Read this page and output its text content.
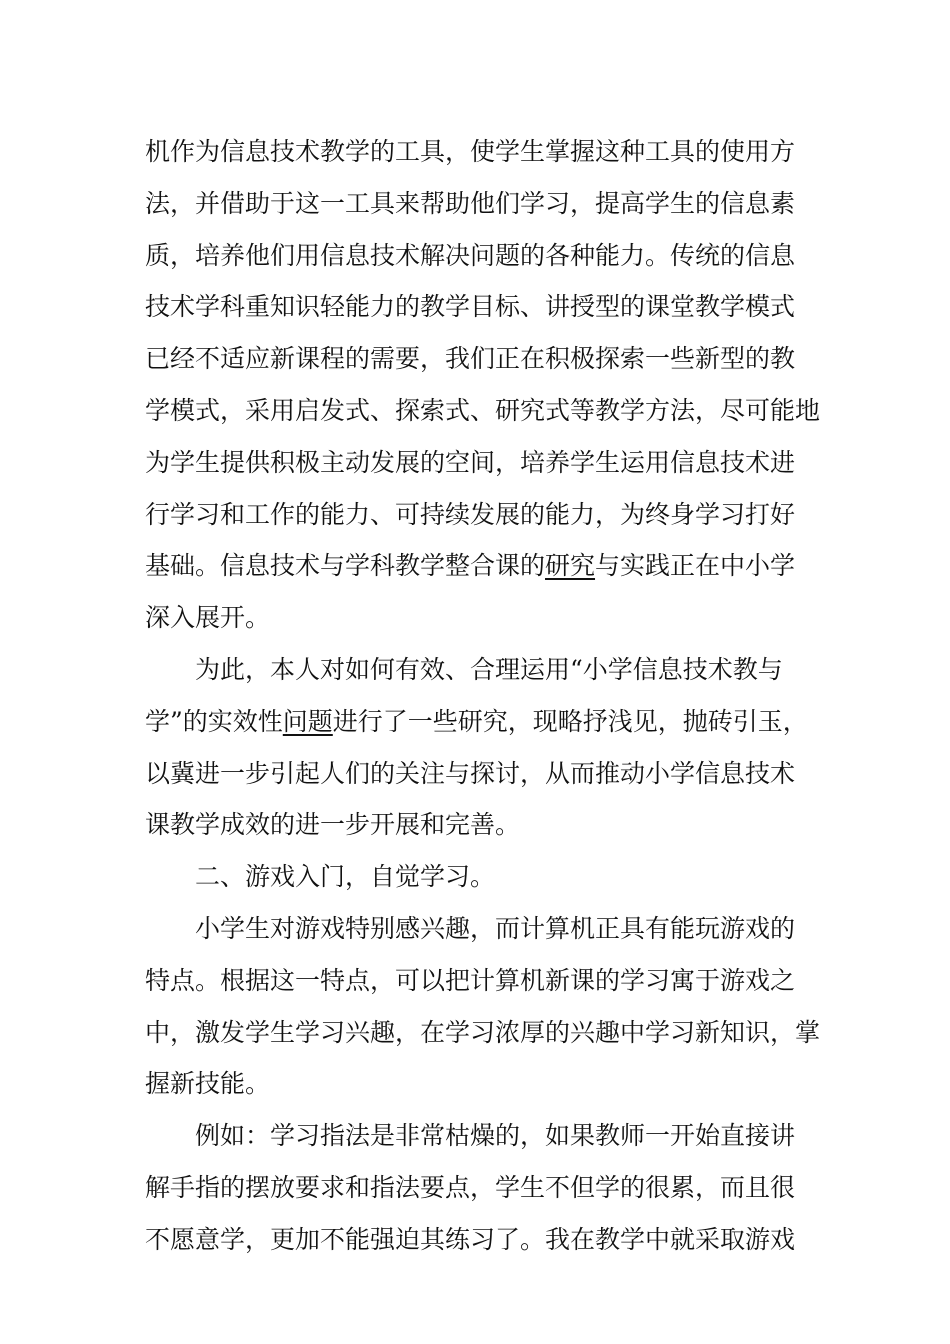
机作为信息技术教学的工具，使学生掌握这种工具的使用方
法，并借助于这一工具来帮助他们学习，提高学生的信息素
质，培养他们用信息技术解决问题的各种能力。传统的信息
技术学科重知识轻能力的教学目标、讲授型的课堂教学模式
已经不适应新课程的需要，我们正在积极探索一些新型的教
学模式，采用启发式、探索式、研究式等教学方法，尽可能地
为学生提供积极主动发展的空间，培养学生运用信息技术进
行学习和工作的能力、可持续发展的能力，为终身学习打好
基础。信息技术与学科教学整合课的研究与实践正在中小学
深入展开。
为此，本人对如何有效、合理运用“小学信息技术教与
学”的实效性问题进行了一些研究，现略抒浅见，抛砖引玉，
以冀进一步引起人们的关注与探讨，从而推动小学信息技术
课教学成效的进一步开展和完善。
二、游戏入门，自觉学习。
小学生对游戏特别感兴趣，而计算机正具有能玩游戏的
特点。根据这一特点，可以把计算机新课的学习寓于游戏之
中，激发学生学习兴趣，在学习浓厚的兴趣中学习新知识，掌
握新技能。
例如：学习指法是非常枯燥的，如果教师一开始直接讲
解手指的摆放要求和指法要点，学生不但学的很累，而且很
不愿意学，更加不能强迫其练习了。我在教学中就采取游戏
